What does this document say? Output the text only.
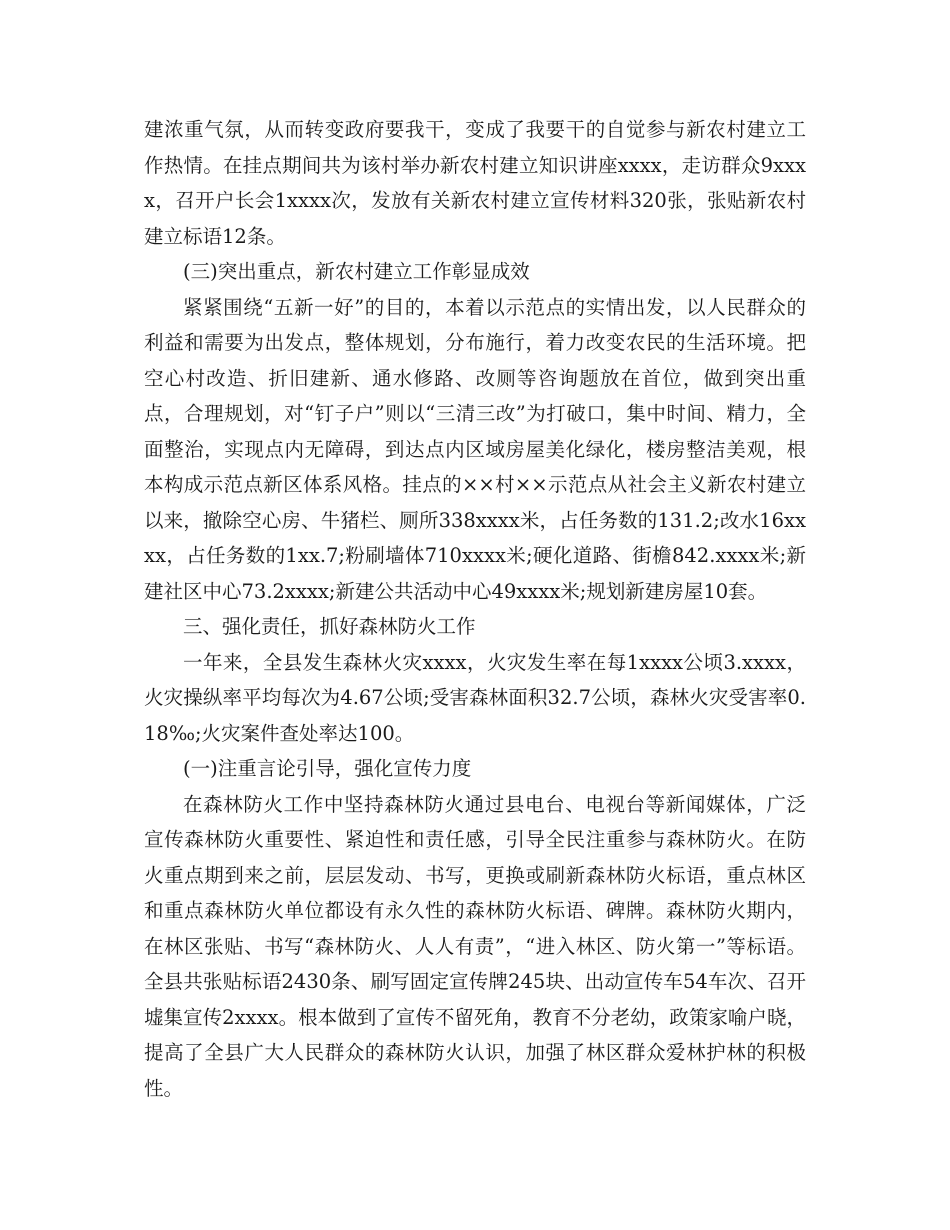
建浓重气氛，从而转变政府要我干，变成了我要干的自觉参与新农村建立工作热情。在挂点期间共为该村举办新农村建立知识讲座xxxx，走访群众9xxxx，召开户长会1xxxx次，发放有关新农村建立宣传材料320张，张贴新农村建立标语12条。

(三)突出重点，新农村建立工作彰显成效

紧紧围绕“五新一好”的目的，本着以示范点的实情出发，以人民群众的利益和需要为出发点，整体规划，分布施行，着力改变农民的生活环境。把空心村改造、折旧建新、通水修路、改厕等咨询题放在首位，做到突出重点，合理规划，对“钉子户”则以“三清三改”为打破口，集中时间、精力，全面整治，实现点内无障碍，到达点内区域房屋美化绿化，楼房整洁美观，根本构成示范点新区体系风格。挂点的××村××示范点从社会主义新农村建立以来，撤除空心房、牛猪栏、厕所338xxxx米，占任务数的131.2;改水16xxxx，占任务数的1xx.7;粉刷墙体710xxxx米;硬化道路、街檐842.xxxx米;新建社区中心73.2xxxx;新建公共活动中心49xxxx米;规划新建房屋10套。

三、强化责任，抓好森林防火工作

一年来，全县发生森林火灾xxxx，火灾发生率在每1xxxx公顷3.xxxx，火灾操纵率平均每次为4.67公顷;受害森林面积32.7公顷，森林火灾受害率0.18‰;火灾案件查处率达100。

(一)注重言论引导，强化宣传力度

在森林防火工作中坚持森林防火通过县电台、电视台等新闻媒体，广泛宣传森林防火重要性、紧迫性和责任感，引导全民注重参与森林防火。在防火重点期到来之前，层层发动、书写，更换或刷新森林防火标语，重点林区和重点森林防火单位都设有永久性的森林防火标语、碑牌。森林防火期内，在林区张贴、书写“森林防火、人人有责”，“进入林区、防火第一”等标语。全县共张贴标语2430条、刷写固定宣传牌245块、出动宣传车54车次、召开墟集宣传2xxxx。根本做到了宣传不留死角，教育不分老幼，政策家喻户晓，提高了全县广大人民群众的森林防火认识，加强了林区群众爱林护林的积极性。
